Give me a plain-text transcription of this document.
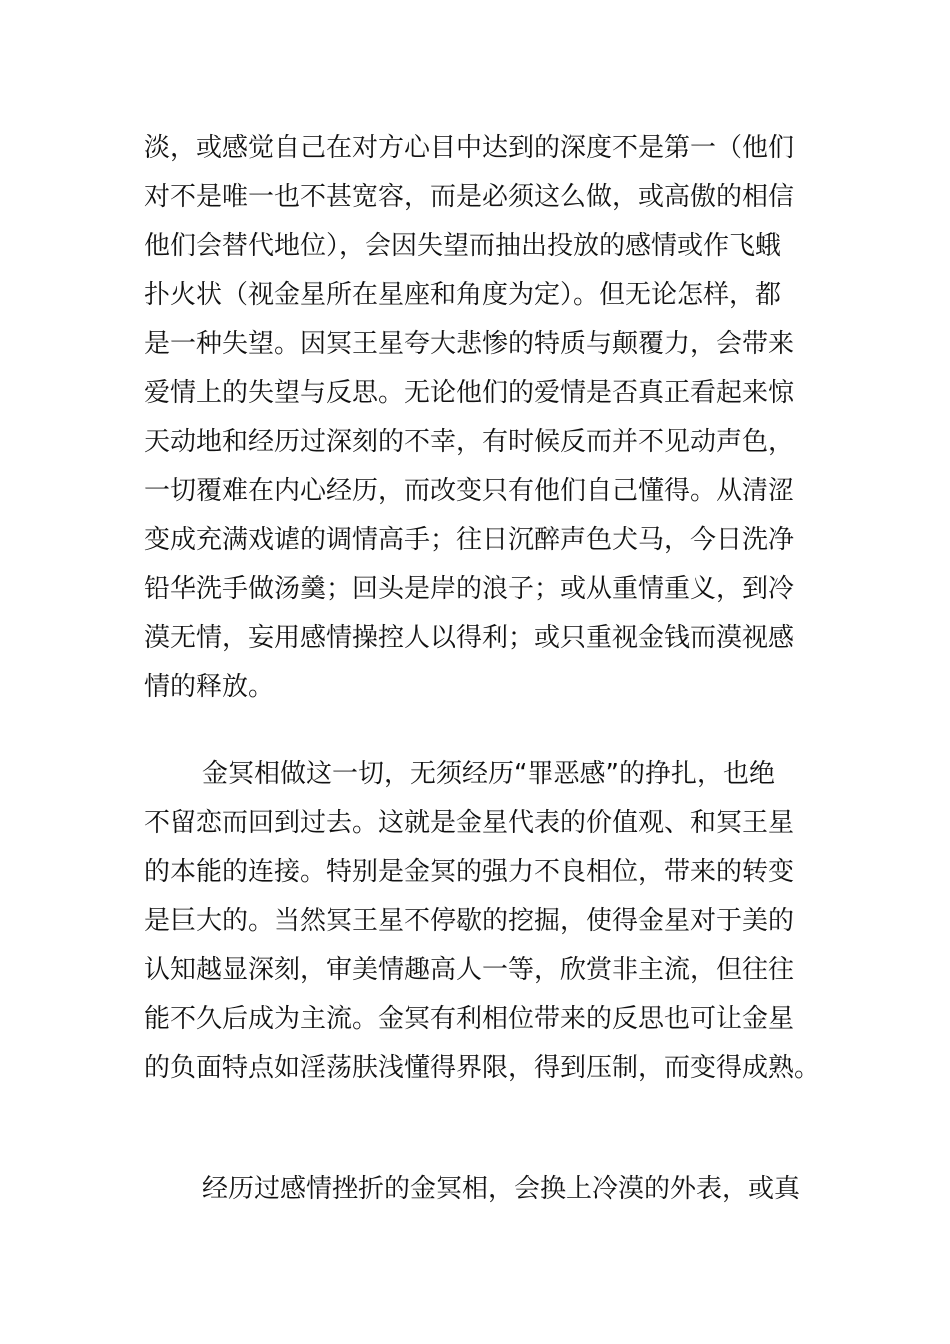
淡，或感觉自己在对方心目中达到的深度不是第一（他们
对不是唯一也不甚宽容，而是必须这么做，或高傲的相信
他们会替代地位），会因失望而抽出投放的感情或作飞蛾
扑火状（视金星所在星座和角度为定）。但无论怎样，都
是一种失望。因冥王星夸大悲惨的特质与颠覆力，会带来
爱情上的失望与反思。无论他们的爱情是否真正看起来惊
天动地和经历过深刻的不幸，有时候反而并不见动声色，
一切覆难在内心经历，而改变只有他们自己懂得。从清涩
变成充满戏谑的调情高手；往日沉醉声色犬马，今日洗净
铅华洗手做汤羹；回头是岸的浪子；或从重情重义，到冷
漠无情，妄用感情操控人以得利；或只重视金钱而漠视感
情的释放。
金冥相做这一切，无须经历“罪恶感”的挣扎，也绝
不留恋而回到过去。这就是金星代表的价值观、和冥王星
的本能的连接。特别是金冥的强力不良相位，带来的转变
是巨大的。当然冥王星不停歇的挖掘，使得金星对于美的
认知越显深刻，审美情趣高人一等，欣赏非主流，但往往
能不久后成为主流。金冥有利相位带来的反思也可让金星
的负面特点如淫荡肤浅懂得界限，得到压制，而变得成熟。
经历过感情挫折的金冥相，会换上冷漠的外表，或真
